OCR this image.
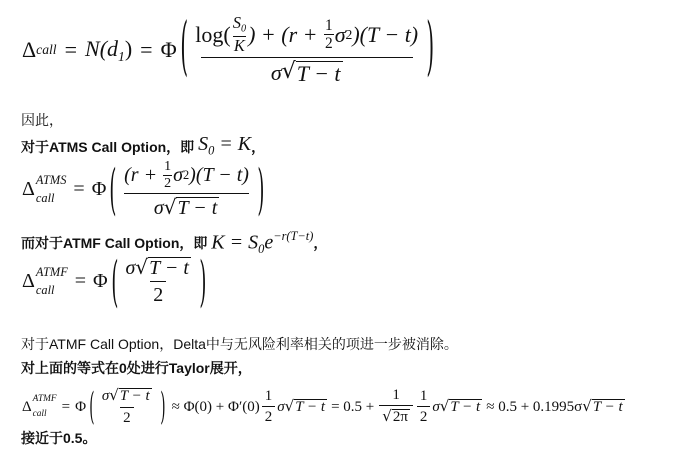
Δ call = $N(d_1) = \Phi$ ( $\log( \frac{S_0}{K}$ ) + ($r + \frac{1}{2}$ σ 2 )(T − t)
σ √ T − t	)
因此，
对于ATMS Call Option，即 $S_0 = K$ ，
Δ ATMS
call = Φ ( $\frac{(r + \frac{1}{2} \sigma 2 )(T - t)}{\sigma √ T - t}$ )
而对于ATMF Call Option，即 $K = S_0e^{-r(T-t)}$ ，
Δ ATMF
call	= Φ ( $\frac{\sigma √ T - t}{2}$ )
对于ATMF Call Option，Delta中与无风险利率相关的项进一步被消除。
对上面的等式在0处进行Taylor展开，
Δ ATMF
call = Φ ( $\frac{\sigma √ T - t}{2}$ ) ≈ $\Phi(0) + \Phi'(0) \frac{1}{2}$ σ √ $T - t = 0.5 + \frac{1}{√ 2\pi} \frac{1}{2}$ σ √ T − t ≈ 0.5 + 0.1995σ √ T − t
接近于0.5。
